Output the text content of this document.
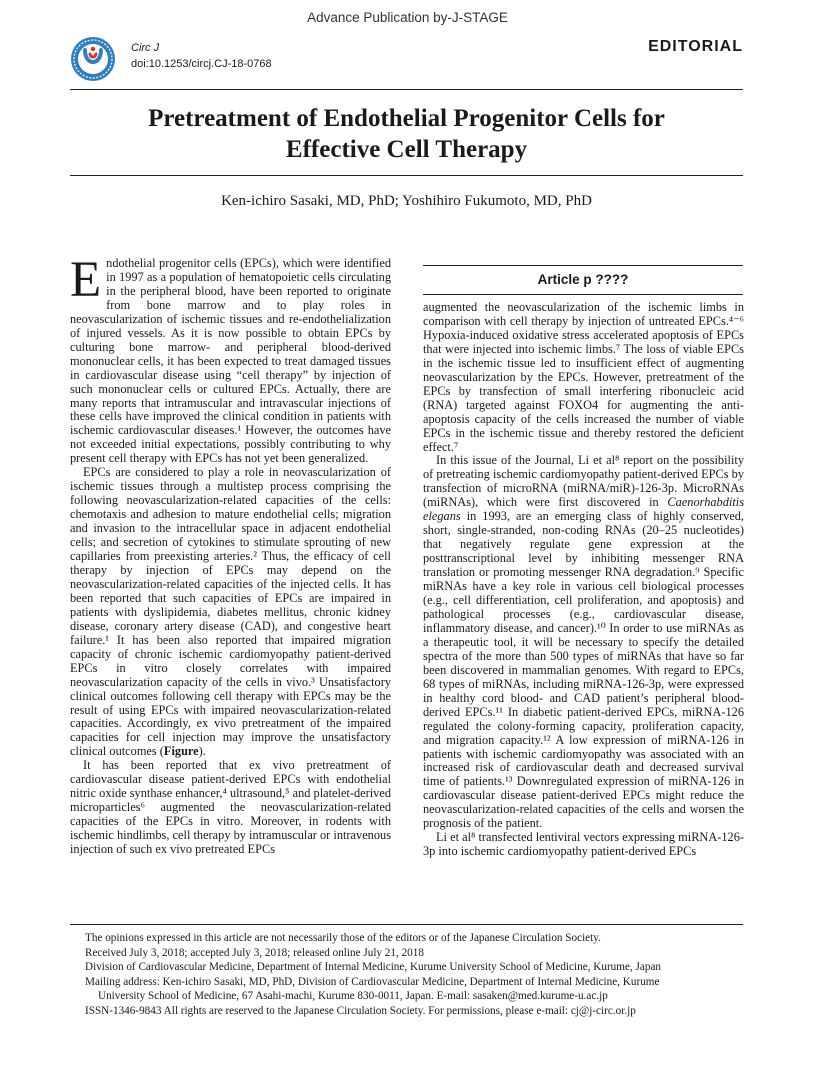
Advance Publication by-J-STAGE
Circ J
doi:10.1253/circj.CJ-18-0768
EDITORIAL
Pretreatment of Endothelial Progenitor Cells for
Effective Cell Therapy
Ken-ichiro Sasaki, MD, PhD; Yoshihiro Fukumoto, MD, PhD

Endothelial progenitor cells (EPCs), which were identified in 1997 as a population of hematopoietic cells circulating in the peripheral blood, have been reported to originate from bone marrow and to play roles in neovascularization of ischemic tissues and re-endothelialization of injured vessels. As it is now possible to obtain EPCs by culturing bone marrow- and peripheral blood-derived mononuclear cells, it has been expected to treat damaged tissues in cardiovascular disease using “cell therapy” by injection of such mononuclear cells or cultured EPCs. Actually, there are many reports that intramuscular and intravascular injections of these cells have improved the clinical condition in patients with ischemic cardiovascular diseases.¹ However, the outcomes have not exceeded initial expectations, possibly contributing to why present cell therapy with EPCs has not yet been generalized.

EPCs are considered to play a role in neovascularization of ischemic tissues through a multistep process comprising the following neovascularization-related capacities of the cells: chemotaxis and adhesion to mature endothelial cells; migration and invasion to the intracellular space in adjacent endothelial cells; and secretion of cytokines to stimulate sprouting of new capillaries from preexisting arteries.² Thus, the efficacy of cell therapy by injection of EPCs may depend on the neovascularization-related capacities of the injected cells. It has been reported that such capacities of EPCs are impaired in patients with dyslipidemia, diabetes mellitus, chronic kidney disease, coronary artery disease (CAD), and congestive heart failure.¹ It has been also reported that impaired migration capacity of chronic ischemic cardiomyopathy patient-derived EPCs in vitro closely correlates with impaired neovascularization capacity of the cells in vivo.³ Unsatisfactory clinical outcomes following cell therapy with EPCs may be the result of using EPCs with impaired neovascularization-related capacities. Accordingly, ex vivo pretreatment of the impaired capacities for cell injection may improve the unsatisfactory clinical outcomes (Figure).

It has been reported that ex vivo pretreatment of cardiovascular disease patient-derived EPCs with endothelial nitric oxide synthase enhancer,⁴ ultrasound,⁵ and platelet-derived microparticles⁶ augmented the neovascularization-related capacities of the EPCs in vitro. Moreover, in rodents with ischemic hindlimbs, cell therapy by intramuscular or intravenous injection of such ex vivo pretreated EPCs

Article p ????

augmented the neovascularization of the ischemic limbs in comparison with cell therapy by injection of untreated EPCs.⁴⁻⁶ Hypoxia-induced oxidative stress accelerated apoptosis of EPCs that were injected into ischemic limbs.⁷ The loss of viable EPCs in the ischemic tissue led to insufficient effect of augmenting neovascularization by the EPCs. However, pretreatment of the EPCs by transfection of small interfering ribonucleic acid (RNA) targeted against FOXO4 for augmenting the anti-apoptosis capacity of the cells increased the number of viable EPCs in the ischemic tissue and thereby restored the deficient effect.⁷

In this issue of the Journal, Li et al⁸ report on the possibility of pretreating ischemic cardiomyopathy patient-derived EPCs by transfection of microRNA (miRNA/miR)-126-3p. MicroRNAs (miRNAs), which were first discovered in Caenorhabditis elegans in 1993, are an emerging class of highly conserved, short, single-stranded, non-coding RNAs (20–25 nucleotides) that negatively regulate gene expression at the posttranscriptional level by inhibiting messenger RNA translation or promoting messenger RNA degradation.⁹ Specific miRNAs have a key role in various cell biological processes (e.g., cell differentiation, cell proliferation, and apoptosis) and pathological processes (e.g., cardiovascular disease, inflammatory disease, and cancer).¹⁰ In order to use miRNAs as a therapeutic tool, it will be necessary to specify the detailed spectra of the more than 500 types of miRNAs that have so far been discovered in mammalian genomes. With regard to EPCs, 68 types of miRNAs, including miRNA-126-3p, were expressed in healthy cord blood- and CAD patient’s peripheral blood-derived EPCs.¹¹ In diabetic patient-derived EPCs, miRNA-126 regulated the colony-forming capacity, proliferation capacity, and migration capacity.¹² A low expression of miRNA-126 in patients with ischemic cardiomyopathy was associated with an increased risk of cardiovascular death and decreased survival time of patients.¹³ Downregulated expression of miRNA-126 in cardiovascular disease patient-derived EPCs might reduce the neovascularization-related capacities of the cells and worsen the prognosis of the patient.

Li et al⁸ transfected lentiviral vectors expressing miRNA-126-3p into ischemic cardiomyopathy patient-derived EPCs

The opinions expressed in this article are not necessarily those of the editors or of the Japanese Circulation Society.
Received July 3, 2018; accepted July 3, 2018; released online July 21, 2018
Division of Cardiovascular Medicine, Department of Internal Medicine, Kurume University School of Medicine, Kurume, Japan
Mailing address: Ken-ichiro Sasaki, MD, PhD, Division of Cardiovascular Medicine, Department of Internal Medicine, Kurume
University School of Medicine, 67 Asahi-machi, Kurume 830-0011, Japan. E-mail: sasaken@med.kurume-u.ac.jp
ISSN-1346-9843 All rights are reserved to the Japanese Circulation Society. For permissions, please e-mail: cj@j-circ.or.jp
